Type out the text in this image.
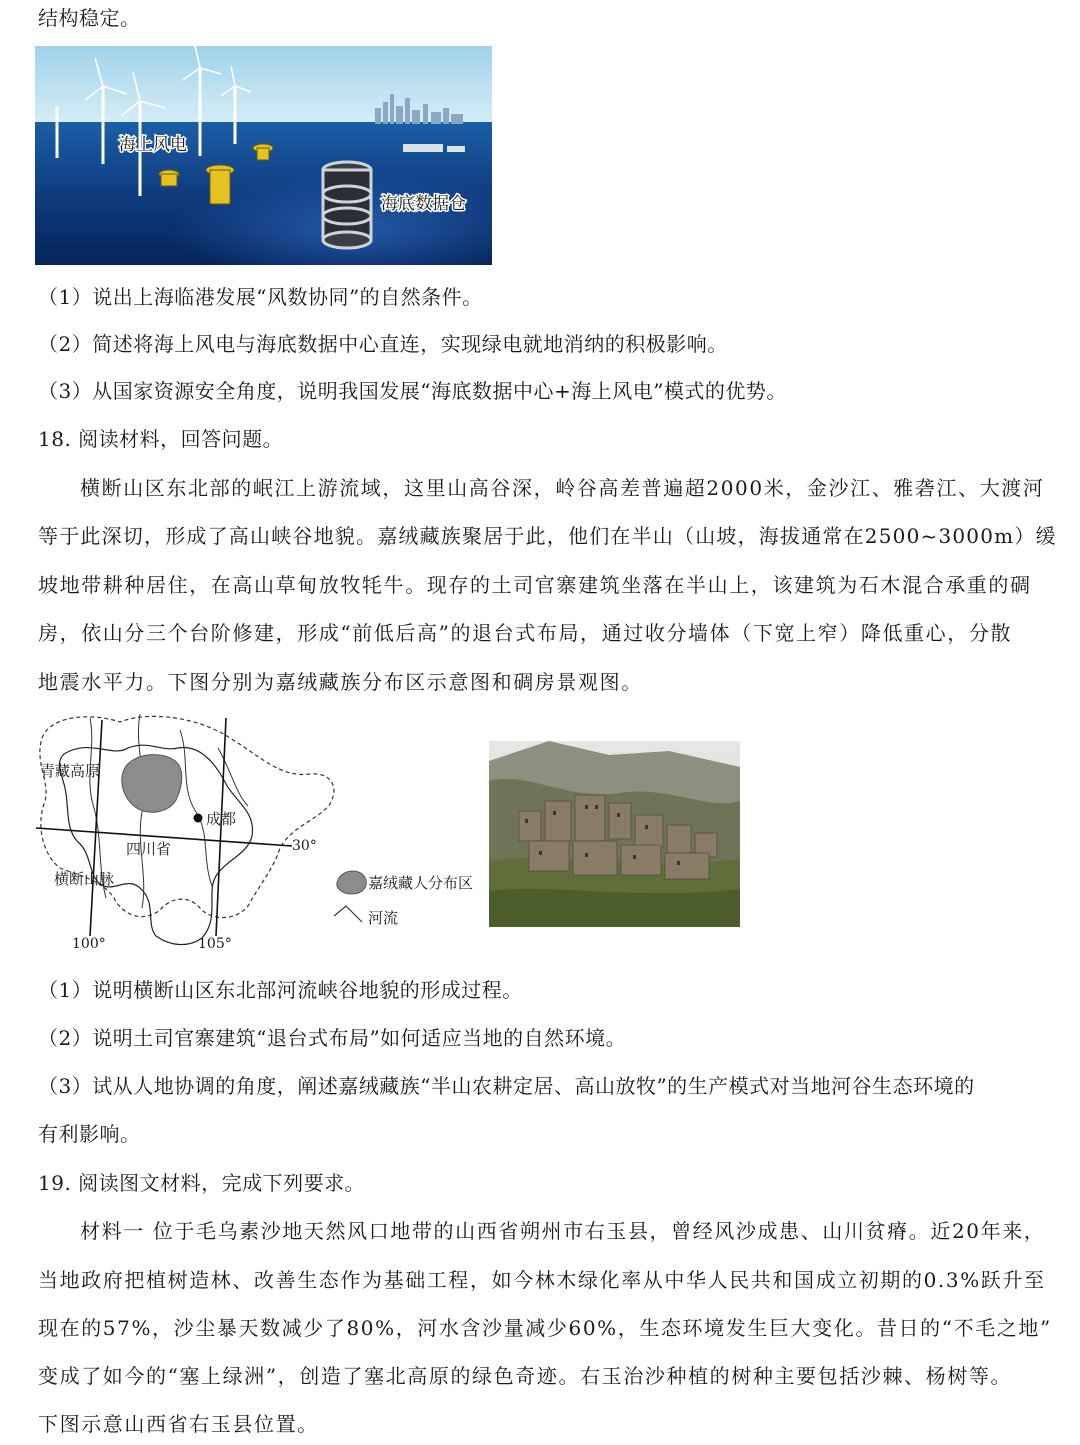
结构稳定。
海上风电
海底数据仓
（1）说出上海临港发展“风数协同”的自然条件。
（2）简述将海上风电与海底数据中心直连，实现绿电就地消纳的积极影响。
（3）从国家资源安全角度，说明我国发展“海底数据中心+海上风电”模式的优势。
18. 阅读材料，回答问题。
横断山区东北部的岷江上游流域，这里山高谷深，岭谷高差普遍超2000米，金沙江、雅砻江、大渡河
等于此深切，形成了高山峡谷地貌。嘉绒藏族聚居于此，他们在半山（山坡，海拔通常在2500~3000m）缓
坡地带耕种居住，在高山草甸放牧牦牛。现存的土司官寨建筑坐落在半山上，该建筑为石木混合承重的碉
房，依山分三个台阶修建，形成“前低后高”的退台式布局，通过收分墙体（下宽上窄）降低重心，分散
地震水平力。下图分别为嘉绒藏族分布区示意图和碉房景观图。
青藏高原
成都
四川省
横断山脉
30°
100°	105°
嘉绒藏人分布区
河流
（1）说明横断山区东北部河流峡谷地貌的形成过程。
（2）说明土司官寨建筑“退台式布局”如何适应当地的自然环境。
（3）试从人地协调的角度，阐述嘉绒藏族“半山农耕定居、高山放牧”的生产模式对当地河谷生态环境的
有利影响。
19. 阅读图文材料，完成下列要求。
材料一 位于毛乌素沙地天然风口地带的山西省朔州市右玉县，曾经风沙成患、山川贫瘠。近20年来，
当地政府把植树造林、改善生态作为基础工程，如今林木绿化率从中华人民共和国成立初期的0.3%跃升至
现在的57%，沙尘暴天数减少了80%，河水含沙量减少60%，生态环境发生巨大变化。昔日的“不毛之地”
变成了如今的“塞上绿洲”，创造了塞北高原的绿色奇迹。右玉治沙种植的树种主要包括沙棘、杨树等。
下图示意山西省右玉县位置。
